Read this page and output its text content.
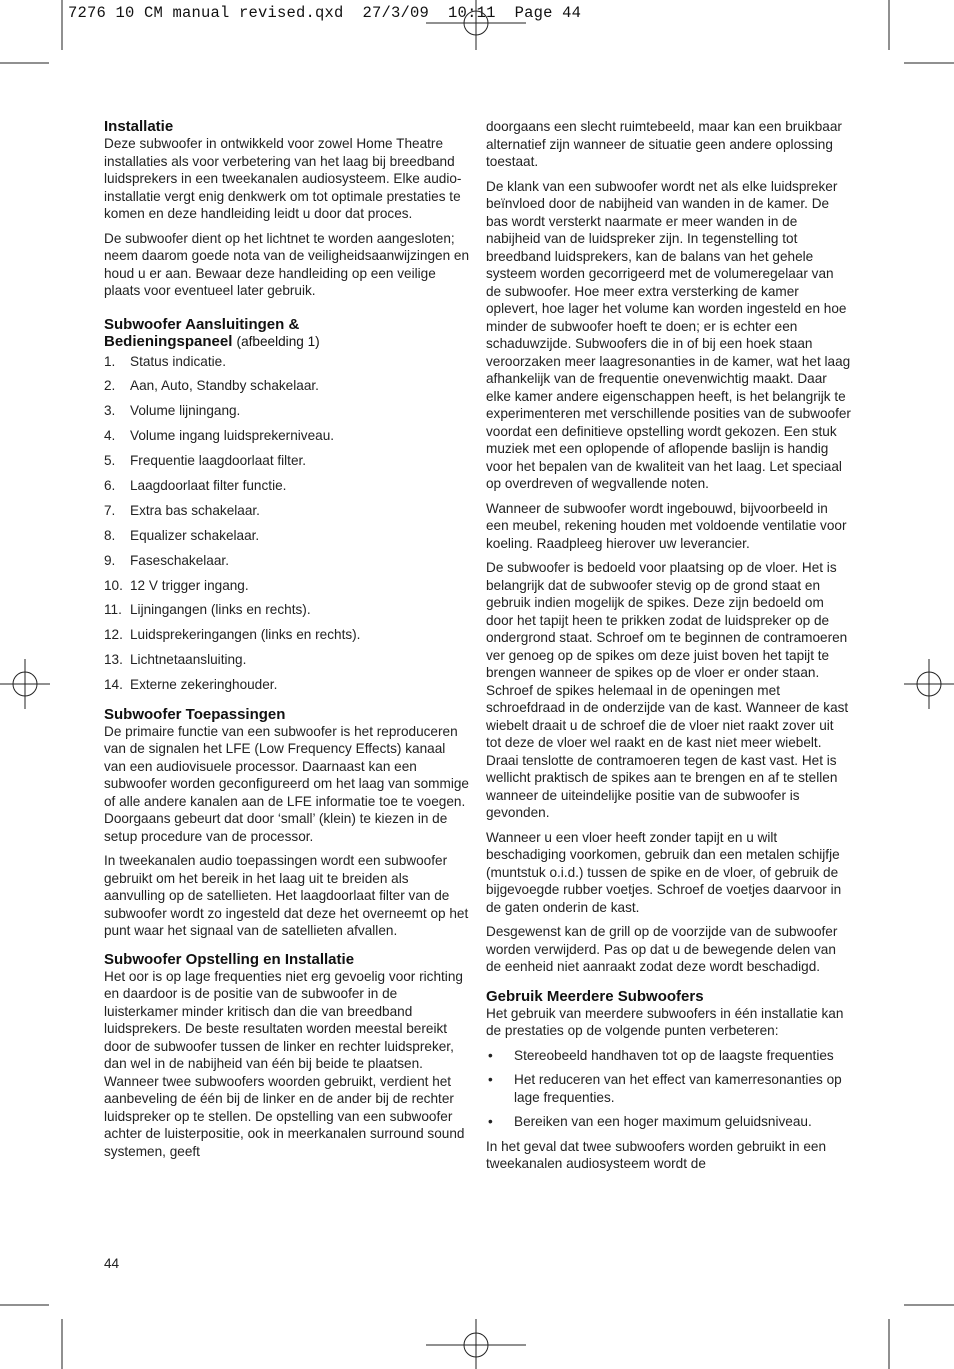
7276 10 CM manual revised.qxd  27/3/09  10:11  Page 44
Installatie

Deze subwoofer in ontwikkeld voor zowel Home Theatre installaties als voor verbetering van het laag bij breedband luidsprekers in een tweekanalen audiosysteem. Elke audio-installatie vergt enig denkwerk om tot optimale prestaties te komen en deze handleiding leidt u door dat proces.

De subwoofer dient op het lichtnet te worden aangesloten; neem daarom goede nota van de veiligheidsaanwijzingen en houd u er aan. Bewaar deze handleiding op een veilige plaats voor eventueel later gebruik.

Subwoofer Aansluitingen &
Bedieningspaneel (afbeelding 1)
1.	Status indicatie.
2.	Aan, Auto, Standby schakelaar.
3.	Volume lijningang.
4.	Volume ingang luidsprekerniveau.
5.	Frequentie laagdoorlaat filter.
6.	Laagdoorlaat filter functie.
7.	Extra bas schakelaar.
8.	Equalizer schakelaar.
9.	Faseschakelaar.
10. 12 V trigger ingang.
11. Lijningangen (links en rechts).
12. Luidsprekeringangen (links en rechts).
13. Lichtnetaansluiting.
14. Externe zekeringhouder.
Subwoofer Toepassingen

De primaire functie van een subwoofer is het reproduceren van de signalen het LFE (Low Frequency Effects) kanaal van een audiovisuele processor. Daarnaast kan een subwoofer worden geconfigureerd om het laag van sommige of alle andere kanalen aan de LFE informatie toe te voegen. Doorgaans gebeurt dat door ‘small’ (klein) te kiezen in de setup procedure van de processor.

In tweekanalen audio toepassingen wordt een subwoofer gebruikt om het bereik in het laag uit te breiden als aanvulling op de satellieten. Het laagdoorlaat filter van de subwoofer wordt zo ingesteld dat deze het overneemt op het punt waar het signaal van de satellieten afvallen.

Subwoofer Opstelling en Installatie

Het oor is op lage frequenties niet erg gevoelig voor richting en daardoor is de positie van de subwoofer in de luisterkamer minder kritisch dan die van breedband luidsprekers. De beste resultaten worden meestal bereikt door de subwoofer tussen de linker en rechter luidspreker, dan wel in de nabijheid van één bij beide te plaatsen. Wanneer twee subwoofers woorden gebruikt, verdient het aanbeveling de één bij de linker en de ander bij de rechter luidspreker op te stellen. De opstelling van een subwoofer achter de luisterpositie, ook in meerkanalen surround sound systemen, geeft

doorgaans een slecht ruimtebeeld, maar kan een bruikbaar alternatief zijn wanneer de situatie geen andere oplossing toestaat.

De klank van een subwoofer wordt net als elke luidspreker beïnvloed door de nabijheid van wanden in de kamer. De bas wordt versterkt naarmate er meer wanden in de nabijheid van de luidspreker zijn. In tegenstelling tot breedband luidsprekers, kan de balans van het gehele systeem worden gecorrigeerd met de volumeregelaar van de subwoofer. Hoe meer extra versterking de kamer oplevert, hoe lager het volume kan worden ingesteld en hoe minder de subwoofer hoeft te doen; er is echter een schaduwzijde. Subwoofers die in of bij een hoek staan veroorzaken meer laagresonanties in de kamer, wat het laag afhankelijk van de frequentie onevenwichtig maakt. Daar elke kamer andere eigenschappen heeft, is het belangrijk te experimenteren met verschillende posities van de subwoofer voordat een definitieve opstelling wordt gekozen. Een stuk muziek met een oplopende of aflopende baslijn is handig voor het bepalen van de kwaliteit van het laag. Let speciaal op overdreven of wegvallende noten.

Wanneer de subwoofer wordt ingebouwd, bijvoorbeeld in een meubel, rekening houden met voldoende ventilatie voor koeling. Raadpleeg hierover uw leverancier.

De subwoofer is bedoeld voor plaatsing op de vloer. Het is belangrijk dat de subwoofer stevig op de grond staat en gebruik indien mogelijk de spikes. Deze zijn bedoeld om door het tapijt heen te prikken zodat de luidspreker op de ondergrond staat. Schroef om te beginnen de contramoeren ver genoeg op de spikes om deze juist boven het tapijt te brengen wanneer de spikes op de vloer er onder staan. Schroef de spikes helemaal in de openingen met schroefdraad in de onderzijde van de kast. Wanneer de kast wiebelt draait u de schroef die de vloer niet raakt zover uit tot deze de vloer wel raakt en de kast niet meer wiebelt. Draai tenslotte de contramoeren tegen de kast vast. Het is wellicht praktisch de spikes aan te brengen en af te stellen wanneer de uiteindelijke positie van de subwoofer is gevonden.

Wanneer u een vloer heeft zonder tapijt en u wilt beschadiging voorkomen, gebruik dan een metalen schijfje (muntstuk o.i.d.) tussen de spike en de vloer, of gebruik de bijgevoegde rubber voetjes. Schroef de voetjes daarvoor in de gaten onderin de kast.

Desgewenst kan de grill op de voorzijde van de subwoofer worden verwijderd. Pas op dat u de bewegende delen van de eenheid niet aanraakt zodat deze wordt beschadigd.

Gebruik Meerdere Subwoofers

Het gebruik van meerdere subwoofers in één installatie kan de prestaties op de volgende punten verbeteren:

•	Stereobeeld handhaven tot op de laagste frequenties
•	Het reduceren van het effect van kamerresonanties op lage frequenties.
•	Bereiken van een hoger maximum geluidsniveau.

In het geval dat twee subwoofers worden gebruikt in een tweekanalen audiosysteem wordt de

44
